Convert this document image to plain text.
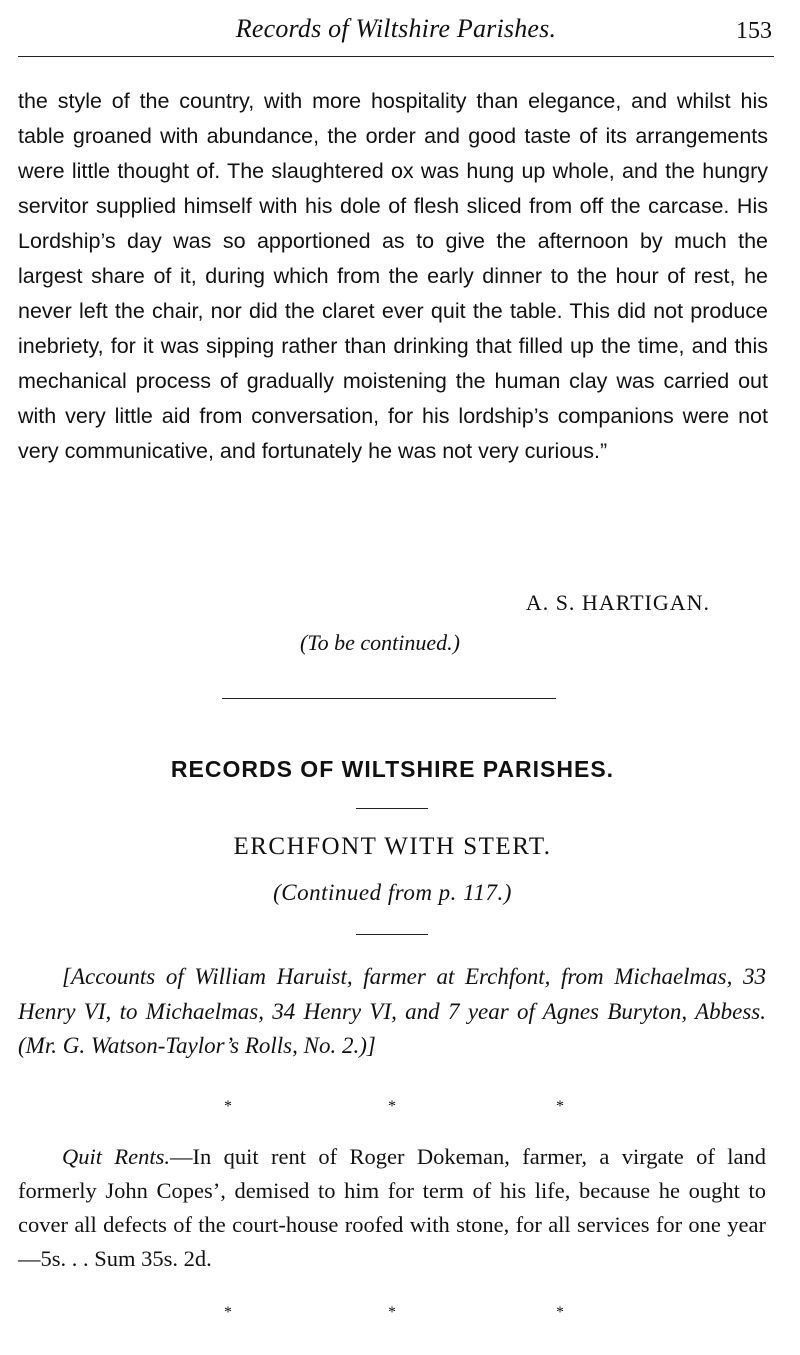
Records of Wiltshire Parishes.	153

the style of the country, with more hospitality than elegance, and whilst his table groaned with abundance, the order and good taste of its arrangements were little thought of. The slaughtered ox was hung up whole, and the hungry servitor supplied himself with his dole of flesh sliced from off the carcase. His Lordship’s day was so apportioned as to give the afternoon by much the largest share of it, during which from the early dinner to the hour of rest, he never left the chair, nor did the claret ever quit the table. This did not produce inebriety, for it was sipping rather than drinking that filled up the time, and this mechanical process of gradually moistening the human clay was carried out with very little aid from conversation, for his lordship’s companions were not very communicative, and fortunately he was not very curious.”

A. S. HARTIGAN.
(To be continued.)
RECORDS OF WILTSHIRE PARISHES.
ERCHFONT WITH STERT.
(Continued from p. 117.)

[Accounts of William Haruist, farmer at Erchfont, from Michaelmas, 33 Henry VI, to Michaelmas, 34 Henry VI, and 7 year of Agnes Buryton, Abbess. (Mr. G. Watson-Taylor’s Rolls, No. 2.)]

*	*	*

Quit Rents.—In quit rent of Roger Dokeman, farmer, a virgate of land formerly John Copes’, demised to him for term of his life, because he ought to cover all defects of the court-house roofed with stone, for all services for one year—5s. . . Sum 35s. 2d.

*	*	*
